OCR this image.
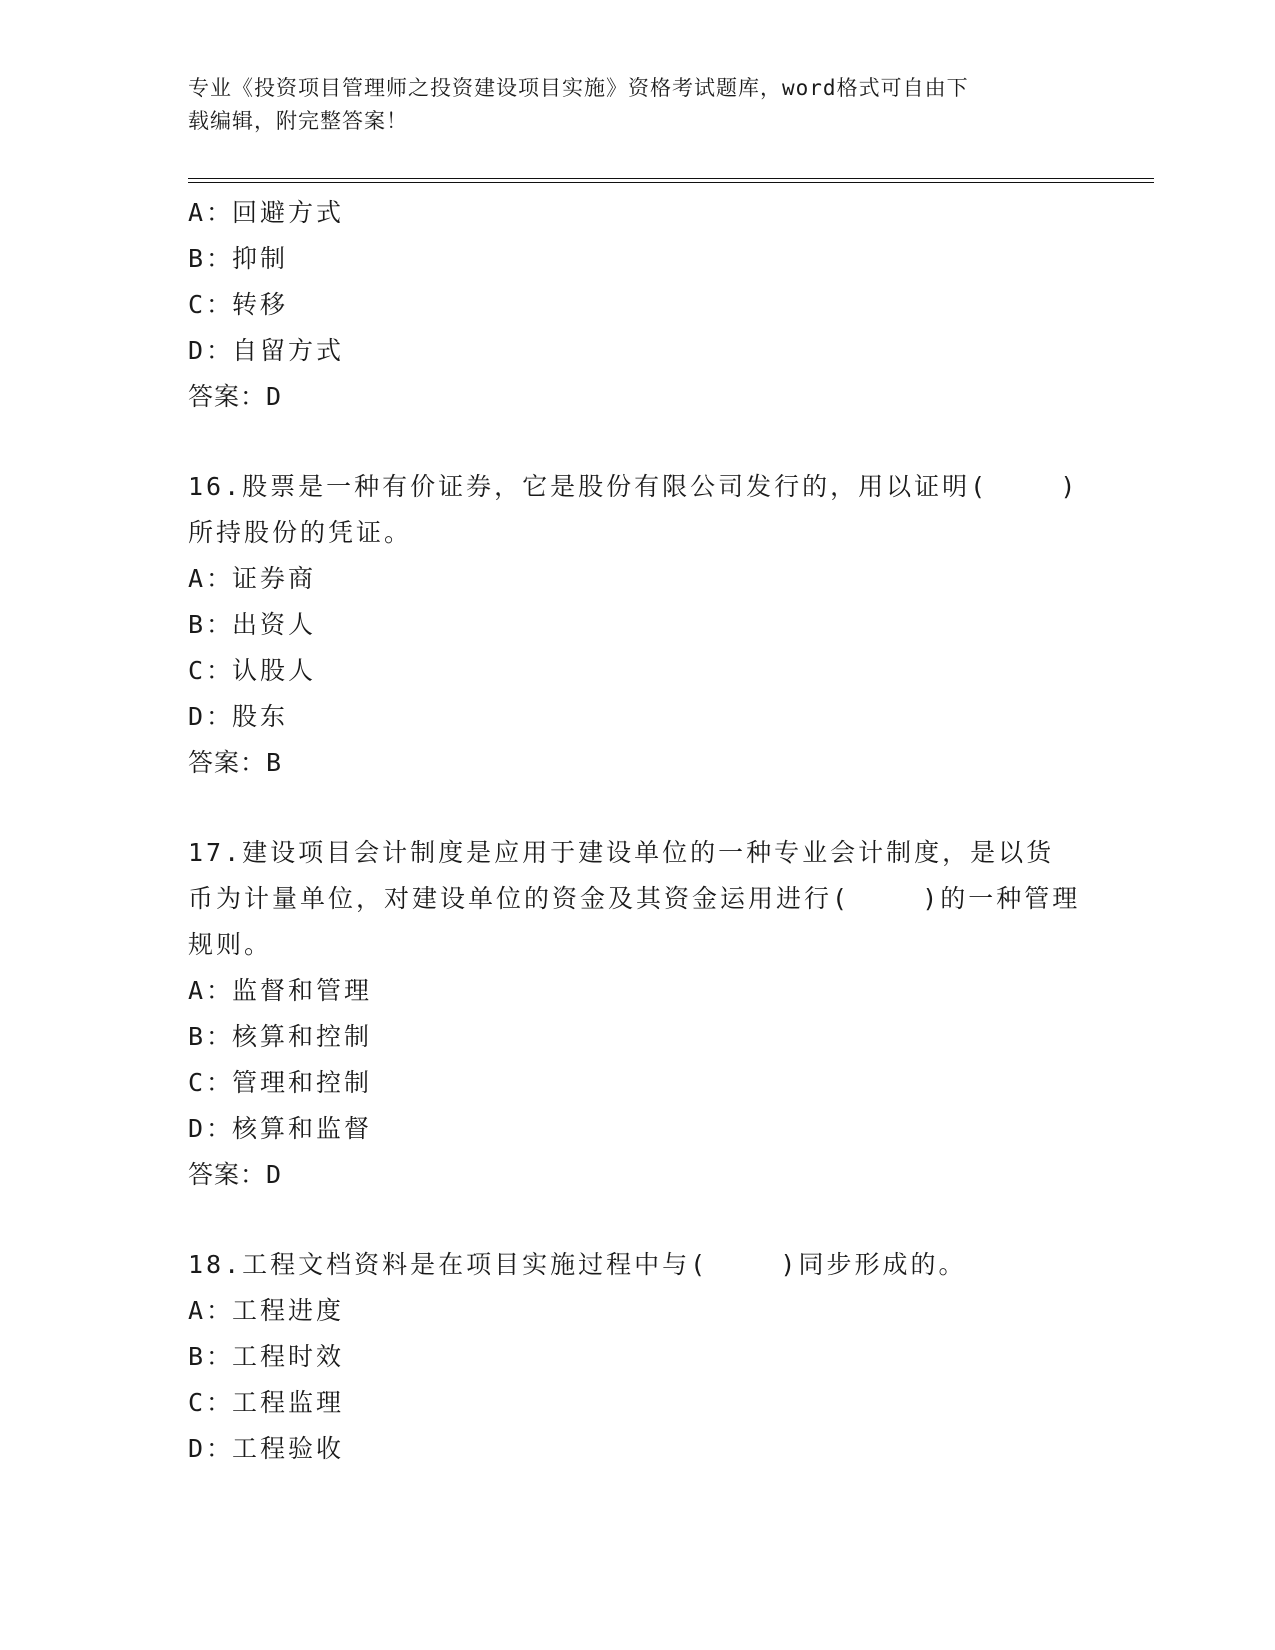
专业《投资项目管理师之投资建设项目实施》资格考试题库，word格式可自由下
载编辑，附完整答案！
A：回避方式
B：抑制
C：转移
D：自留方式
答案：D
16.股票是一种有价证券，它是股份有限公司发行的，用以证明(    )
所持股份的凭证。
A：证券商
B：出资人
C：认股人
D：股东
答案：B
17.建设项目会计制度是应用于建设单位的一种专业会计制度，是以货
币为计量单位，对建设单位的资金及其资金运用进行(    )的一种管理
规则。
A：监督和管理
B：核算和控制
C：管理和控制
D：核算和监督
答案：D
18.工程文档资料是在项目实施过程中与(    )同步形成的。
A：工程进度
B：工程时效
C：工程监理
D：工程验收
